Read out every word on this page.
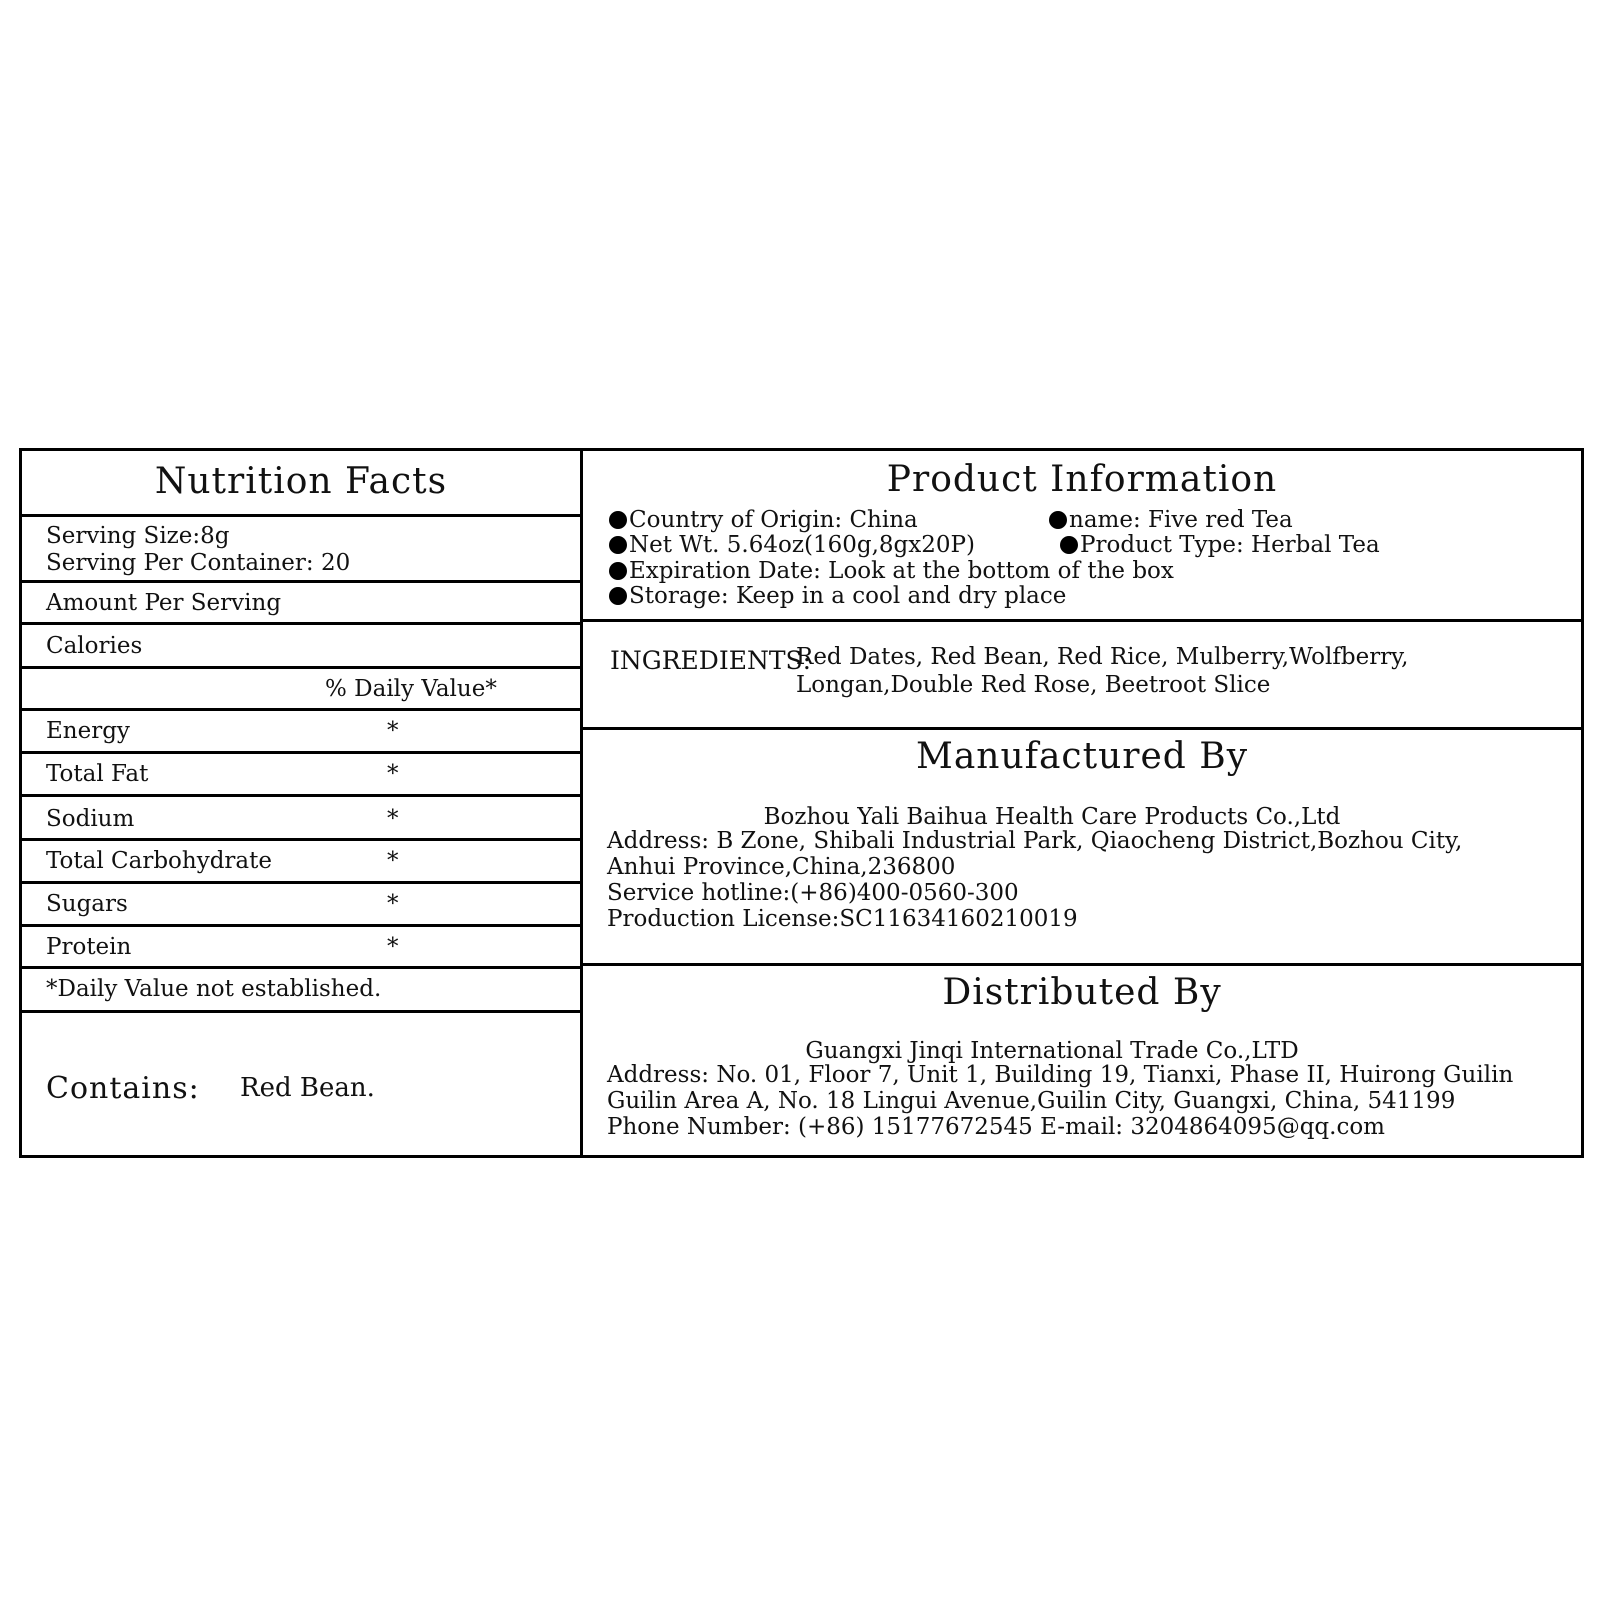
Nutrition Facts
Serving Size:8g
Serving Per Container: 20
Amount Per Serving
Calories
% Daily Value*
Energy	*
Total Fat	*
Sodium	*
Total Carbohydrate	*
Sugars	*
Protein	*
*Daily Value not established.
Contains: Red Bean.
Product Information
Country of Origin: China	name: Five red Tea
Net Wt. 5.64oz(160g,8gx20P)	Product Type: Herbal Tea
Expiration Date: Look at the bottom of the box
Storage: Keep in a cool and dry place
INGREDIENTS:
Red Dates, Red Bean, Red Rice, Mulberry,Wolfberry,
Longan,Double Red Rose, Beetroot Slice
Manufactured By
Bozhou Yali Baihua Health Care Products Co.,Ltd
Address: B Zone, Shibali Industrial Park, Qiaocheng District,Bozhou City,
Anhui Province,China,236800
Service hotline:(+86)400-0560-300
Production License:SC11634160210019
Distributed By
Guangxi Jinqi International Trade Co.,LTD
Address: No. 01, Floor 7, Unit 1, Building 19, Tianxi, Phase II, Huirong Guilin
Guilin Area A, No. 18 Lingui Avenue,Guilin City, Guangxi, China, 541199
Phone Number: (+86) 15177672545 E-mail: 3204864095@qq.com
